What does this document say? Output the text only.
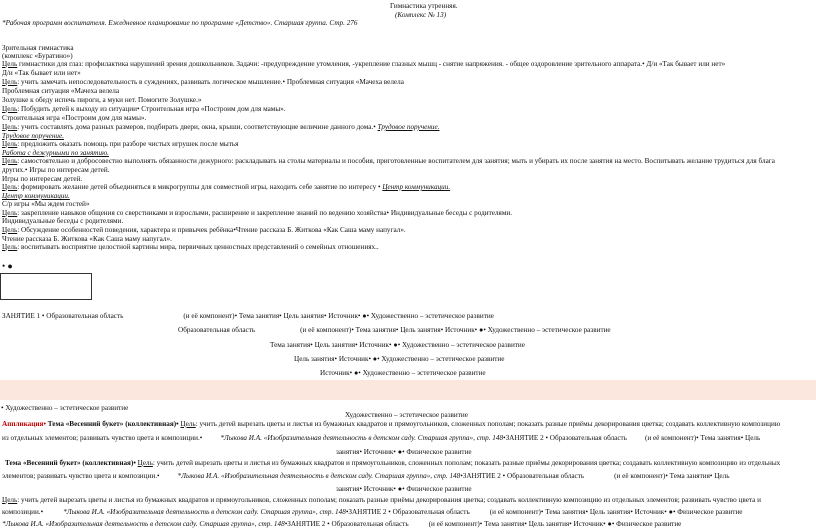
Гимнастика утренняя.
(Комплекс № 13)
*Рабочая программ воспитателя. Ежедневное планирование по программе «Детство». Старшая группа. Стр. 276
Зрительная гимнастика
(комплекс «Буратино»)
Цель гимнастики для глаз: профилактика нарушений зрения дошкольников. Задачи: -предупреждение утомления, -укрепление глазных мышц - снятие напряжения. - общее оздоровление зрительного аппарата.• Д/и «Так бывает или нет»
Д/и «Так бывает или нет»
Цель: учить замечать непоследовательность в суждениях, развивать логическое мышление.• Проблемная ситуация «Мачеха велела
Проблемная ситуация «Мачеха велела
Золушке к обеду испечь пироги, а муки нет. Помогите Золушке.»
Цель: Побудить детей к выходу из ситуации• Строительная игра «Построим дом для мамы».
Строительная игра «Построим дом для мамы».
Цель: учить составлять дома разных размеров, подбирать двери, окна, крыши, соответствующие величине данного дома.• Трудовое поручение.
Трудовое поручение.
Цель: предложить оказать помощь при разборе чистых игрушек после мытья
Работа с дежурными по занятию.
Цель: самостоятельно и добросовестно выполнять обязанности дежурного: раскладывать на столы материалы и пособия, приготовленные воспитателем для занятия; мыть и убирать их после занятия на место. Воспитывать желание трудиться для блага
других.• Игры по интересам детей.
Игры по интересам детей.
Цель: формировать желание детей объединяться в микрогруппы для совместной игры, находить себе занятие по интересу • Центр коммуникации.
Центр коммуникации.
С/р игры «Мы ждем гостей»
Цель: закрепление навыков общения со сверстниками и взрослыми, расширение и закрепление знаний по ведению хозяйства• Индивидуальные беседы с родителями.
Индивидуальные беседы с родителями.
Цель: Обсуждение особенностей поведения, характера и привычек ребёнка•Чтение рассказа Б. Житкова «Как Саша маму напугал».
Чтение рассказа Б. Житкова «Как Саша маму напугал».
Цель: воспитывать восприятие целостной картины мира, первичных ценностных представлений о семейных отношениях..
• ●
ЗАНЯТИЕ 1 • Образовательная область	(и её компонент)• Тема занятия• Цель занятия• Источник• ●• Художественно – эстетическое развитие
Образовательная область	(и её компонент)• Тема занятия• Цель занятия• Источник• ●• Художественно – эстетическое развитие
Тема занятия• Цель занятия• Источник• ●• Художественно – эстетическое развитие
Цель занятия• Источник• ●• Художественно – эстетическое развитие
Источник• ●• Художественно – эстетическое развитие
• Художественно – эстетическое развитие
Художественно – эстетическое развитие
Аппликация• Тема «Весенний букет» (коллективная)• Цель: учить детей вырезать цветы и листья из бумажных квадратов и прямоугольников, сложенных пополам; показать разные приёмы декорирования цветка; создавать коллективную композицию
из отдельных элементов; развивать чувство цвета и композиции.•	*Лыкова И.А. «Изобразительная деятельность в детском саду. Старшая группа», стр. 148•ЗАНЯТИЕ 2 • Образовательная область	(и её компонент)• Тема занятия• Цель
занятия• Источник• ●• Физическое развитие
Тема «Весенний букет» (коллективная)• Цель: учить детей вырезать цветы и листья из бумажных квадратов и прямоугольников, сложенных пополам; показать разные приёмы декорирования цветка; создавать коллективную композицию из отдельных
элементов; развивать чувство цвета и композиции.•	*Лыкова И.А. «Изобразительная деятельность в детском саду. Старшая группа», стр. 148•ЗАНЯТИЕ 2 • Образовательная область	(и её компонент)• Тема занятия• Цель
занятия• Источник• ●• Физическое развитие
Цель: учить детей вырезать цветы и листья из бумажных квадратов и прямоугольников, сложенных пополам; показать разные приёмы декорирования цветка; создавать коллективную композицию из отдельных элементов; развивать чувство цвета и
композиции.•	*Лыкова И.А. «Изобразительная деятельность в детском саду. Старшая группа», стр. 148•ЗАНЯТИЕ 2 • Образовательная область	(и её компонент)• Тема занятия• Цель занятия• Источник• ●• Физическое развитие
*Лыкова И.А. «Изобразительная деятельность в детском саду. Старшая группа», стр. 148•ЗАНЯТИЕ 2 • Образовательная область	(и её компонент)• Тема занятия• Цель занятия• Источник• ●• Физическое развитие
